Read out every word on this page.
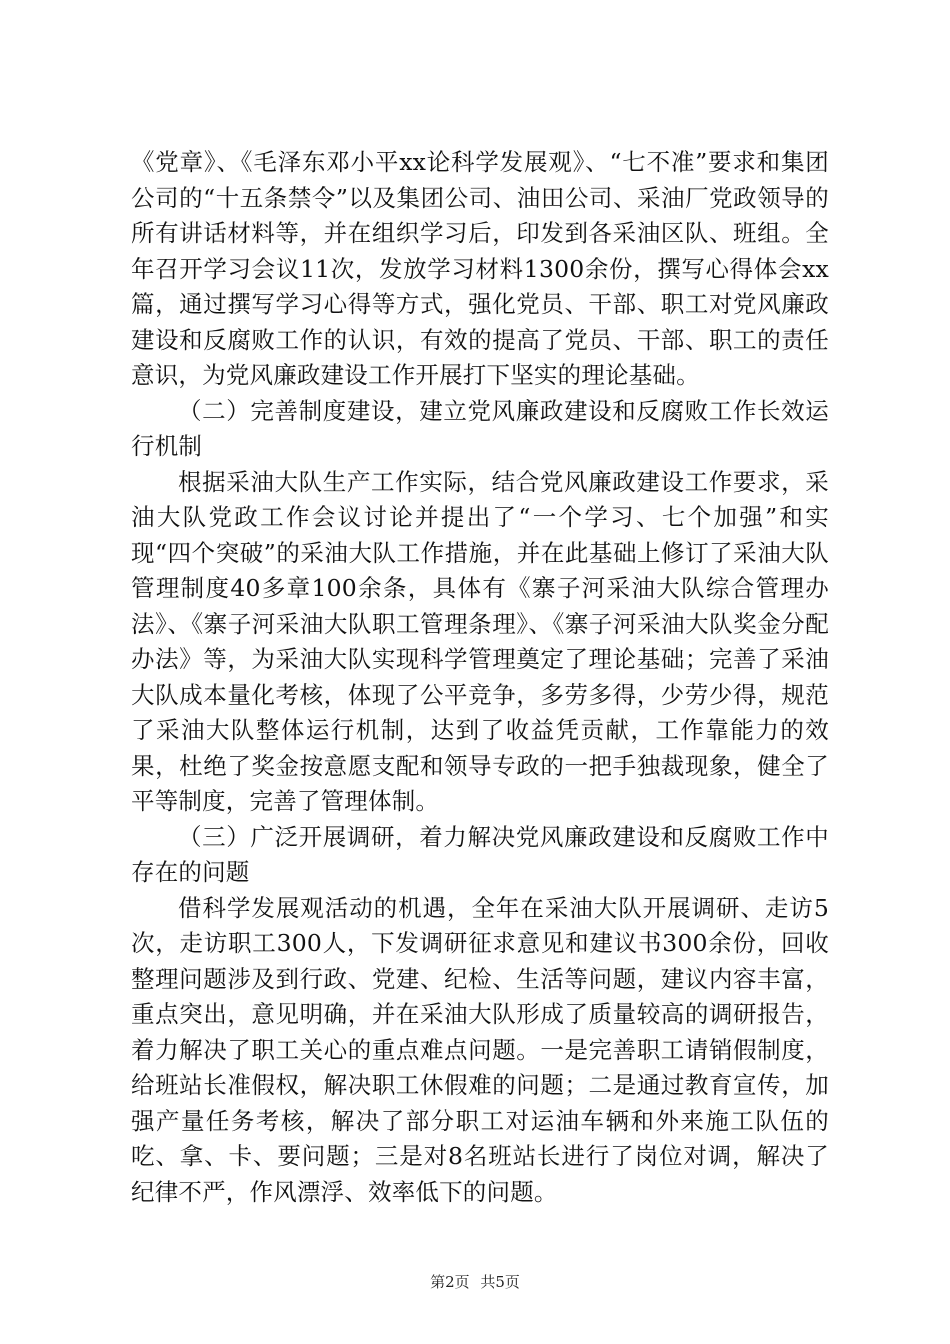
《党章》、《毛泽东邓小平xx论科学发展观》、“七不准”要求和集团公司的“十五条禁令”以及集团公司、油田公司、采油厂党政领导的所有讲话材料等，并在组织学习后，印发到各采油区队、班组。全年召开学习会议11次，发放学习材料1300余份，撰写心得体会xx篇，通过撰写学习心得等方式，强化党员、干部、职工对党风廉政建设和反腐败工作的认识，有效的提高了党员、干部、职工的责任意识，为党风廉政建设工作开展打下坚实的理论基础。

（二）完善制度建设，建立党风廉政建设和反腐败工作长效运行机制

根据采油大队生产工作实际，结合党风廉政建设工作要求，采油大队党政工作会议讨论并提出了“一个学习、七个加强”和实现“四个突破”的采油大队工作措施，并在此基础上修订了采油大队管理制度40多章100余条，具体有《寨子河采油大队综合管理办法》、《寨子河采油大队职工管理条理》、《寨子河采油大队奖金分配办法》等，为采油大队实现科学管理奠定了理论基础；完善了采油大队成本量化考核，体现了公平竞争，多劳多得，少劳少得，规范了采油大队整体运行机制，达到了收益凭贡献，工作靠能力的效果，杜绝了奖金按意愿支配和领导专政的一把手独裁现象，健全了平等制度，完善了管理体制。

（三）广泛开展调研，着力解决党风廉政建设和反腐败工作中存在的问题

借科学发展观活动的机遇，全年在采油大队开展调研、走访5次，走访职工300人，下发调研征求意见和建议书300余份，回收整理问题涉及到行政、党建、纪检、生活等问题，建议内容丰富，重点突出，意见明确，并在采油大队形成了质量较高的调研报告，着力解决了职工关心的重点难点问题。一是完善职工请销假制度，给班站长准假权，解决职工休假难的问题；二是通过教育宣传，加强产量任务考核，解决了部分职工对运油车辆和外来施工队伍的吃、拿、卡、要问题；三是对8名班站长进行了岗位对调，解决了纪律不严，作风漂浮、效率低下的问题。

第2页 共5页
